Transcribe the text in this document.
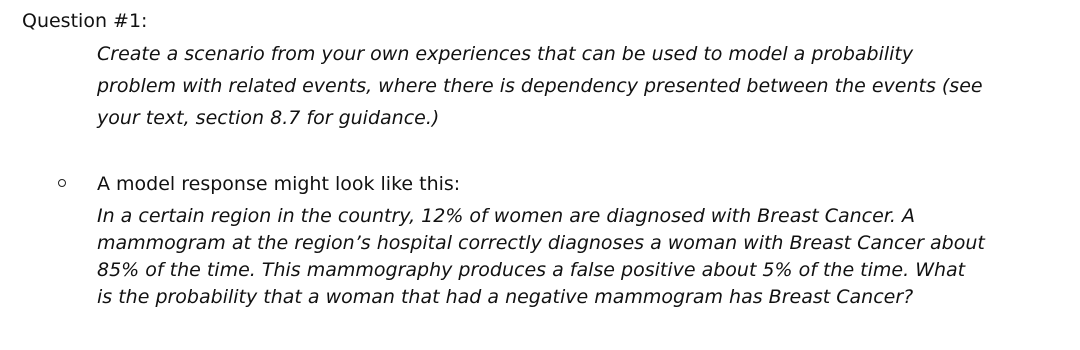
Question #1:
Create a scenario from your own experiences that can be used to model a probability
problem with related events, where there is dependency presented between the events (see
your text, section 8.7 for guidance.)
A model response might look like this:
In a certain region in the country, 12% of women are diagnosed with Breast Cancer. A
mammogram at the region’s hospital correctly diagnoses a woman with Breast Cancer about
85% of the time. This mammography produces a false positive about 5% of the time. What
is the probability that a woman that had a negative mammogram has Breast Cancer?
